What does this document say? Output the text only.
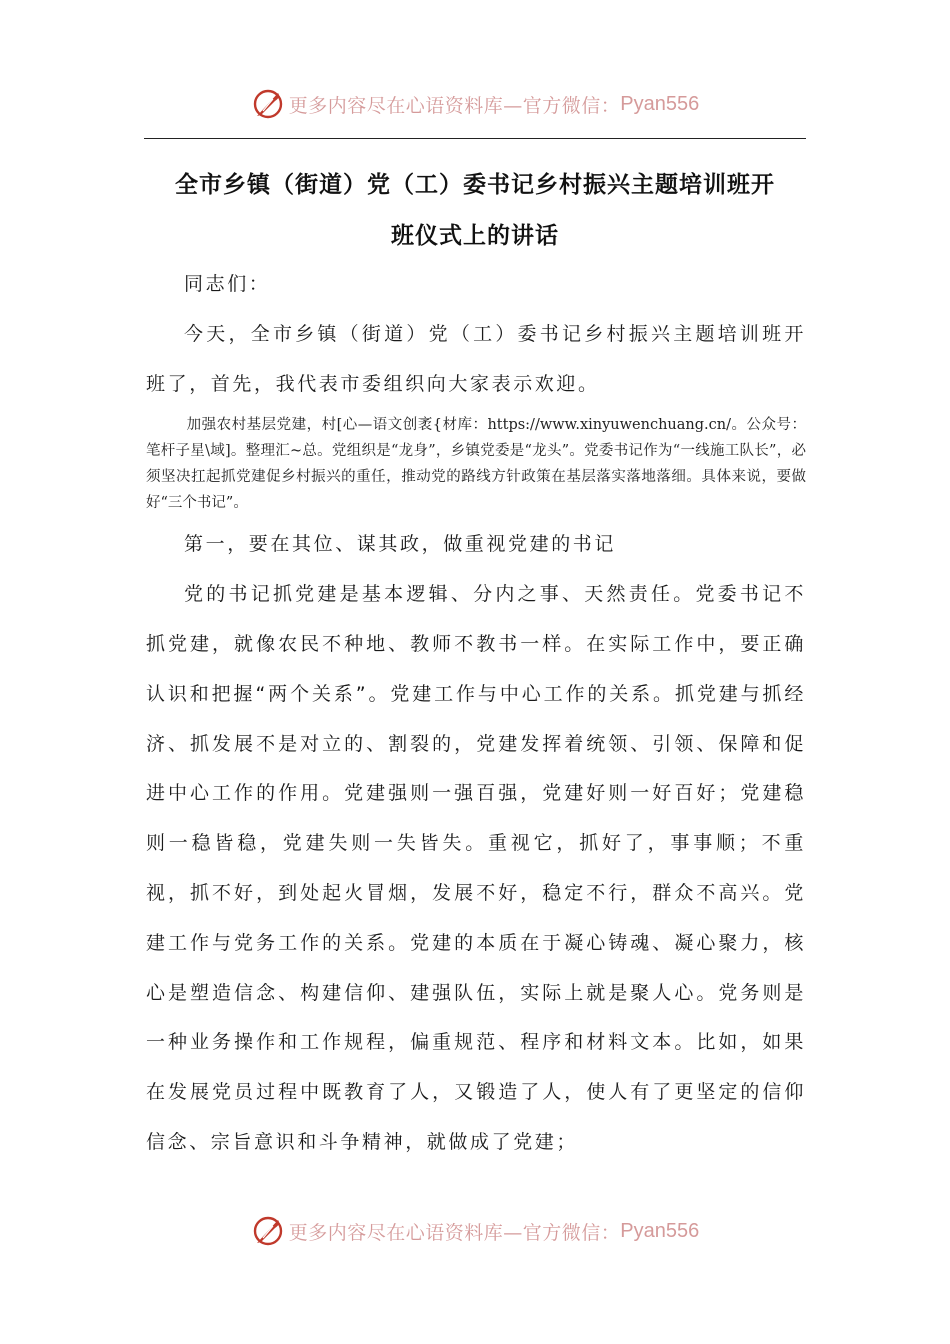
更多内容尽在心语资料库—官方微信： Pyan556
全市乡镇（街道）党（工）委书记乡村振兴主题培训班开
班仪式上的讲话

同志们：

今天，全市乡镇（街道）党（工）委书记乡村振兴主题培训班开班了，首先，我代表市委组织向大家表示欢迎。

加强农村基层党建，村[心—语文创袤{材库：https://www.xinyuwenchuang.cn/。公众号：笔杆子星\域]。整理汇~总。党组织是“龙身”，乡镇党委是“龙头”。党委书记作为“一线施工队长”，必须坚决扛起抓党建促乡村振兴的重任，推动党的路线方针政策在基层落实落地落细。具体来说，要做好“三个书记”。

第一，要在其位、谋其政，做重视党建的书记

党的书记抓党建是基本逻辑、分内之事、天然责任。党委书记不抓党建，就像农民不种地、教师不教书一样。在实际工作中，要正确认识和把握“两个关系”。党建工作与中心工作的关系。抓党建与抓经济、抓发展不是对立的、割裂的，党建发挥着统领、引领、保障和促进中心工作的作用。党建强则一强百强，党建好则一好百好；党建稳则一稳皆稳，党建失则一失皆失。重视它，抓好了，事事顺；不重视，抓不好，到处起火冒烟，发展不好，稳定不行，群众不高兴。党建工作与党务工作的关系。党建的本质在于凝心铸魂、凝心聚力，核心是塑造信念、构建信仰、建强队伍，实际上就是聚人心。党务则是一种业务操作和工作规程，偏重规范、程序和材料文本。比如，如果在发展党员过程中既教育了人，又锻造了人，使人有了更坚定的信仰信念、宗旨意识和斗争精神，就做成了党建；

更多内容尽在心语资料库—官方微信： Pyan556
